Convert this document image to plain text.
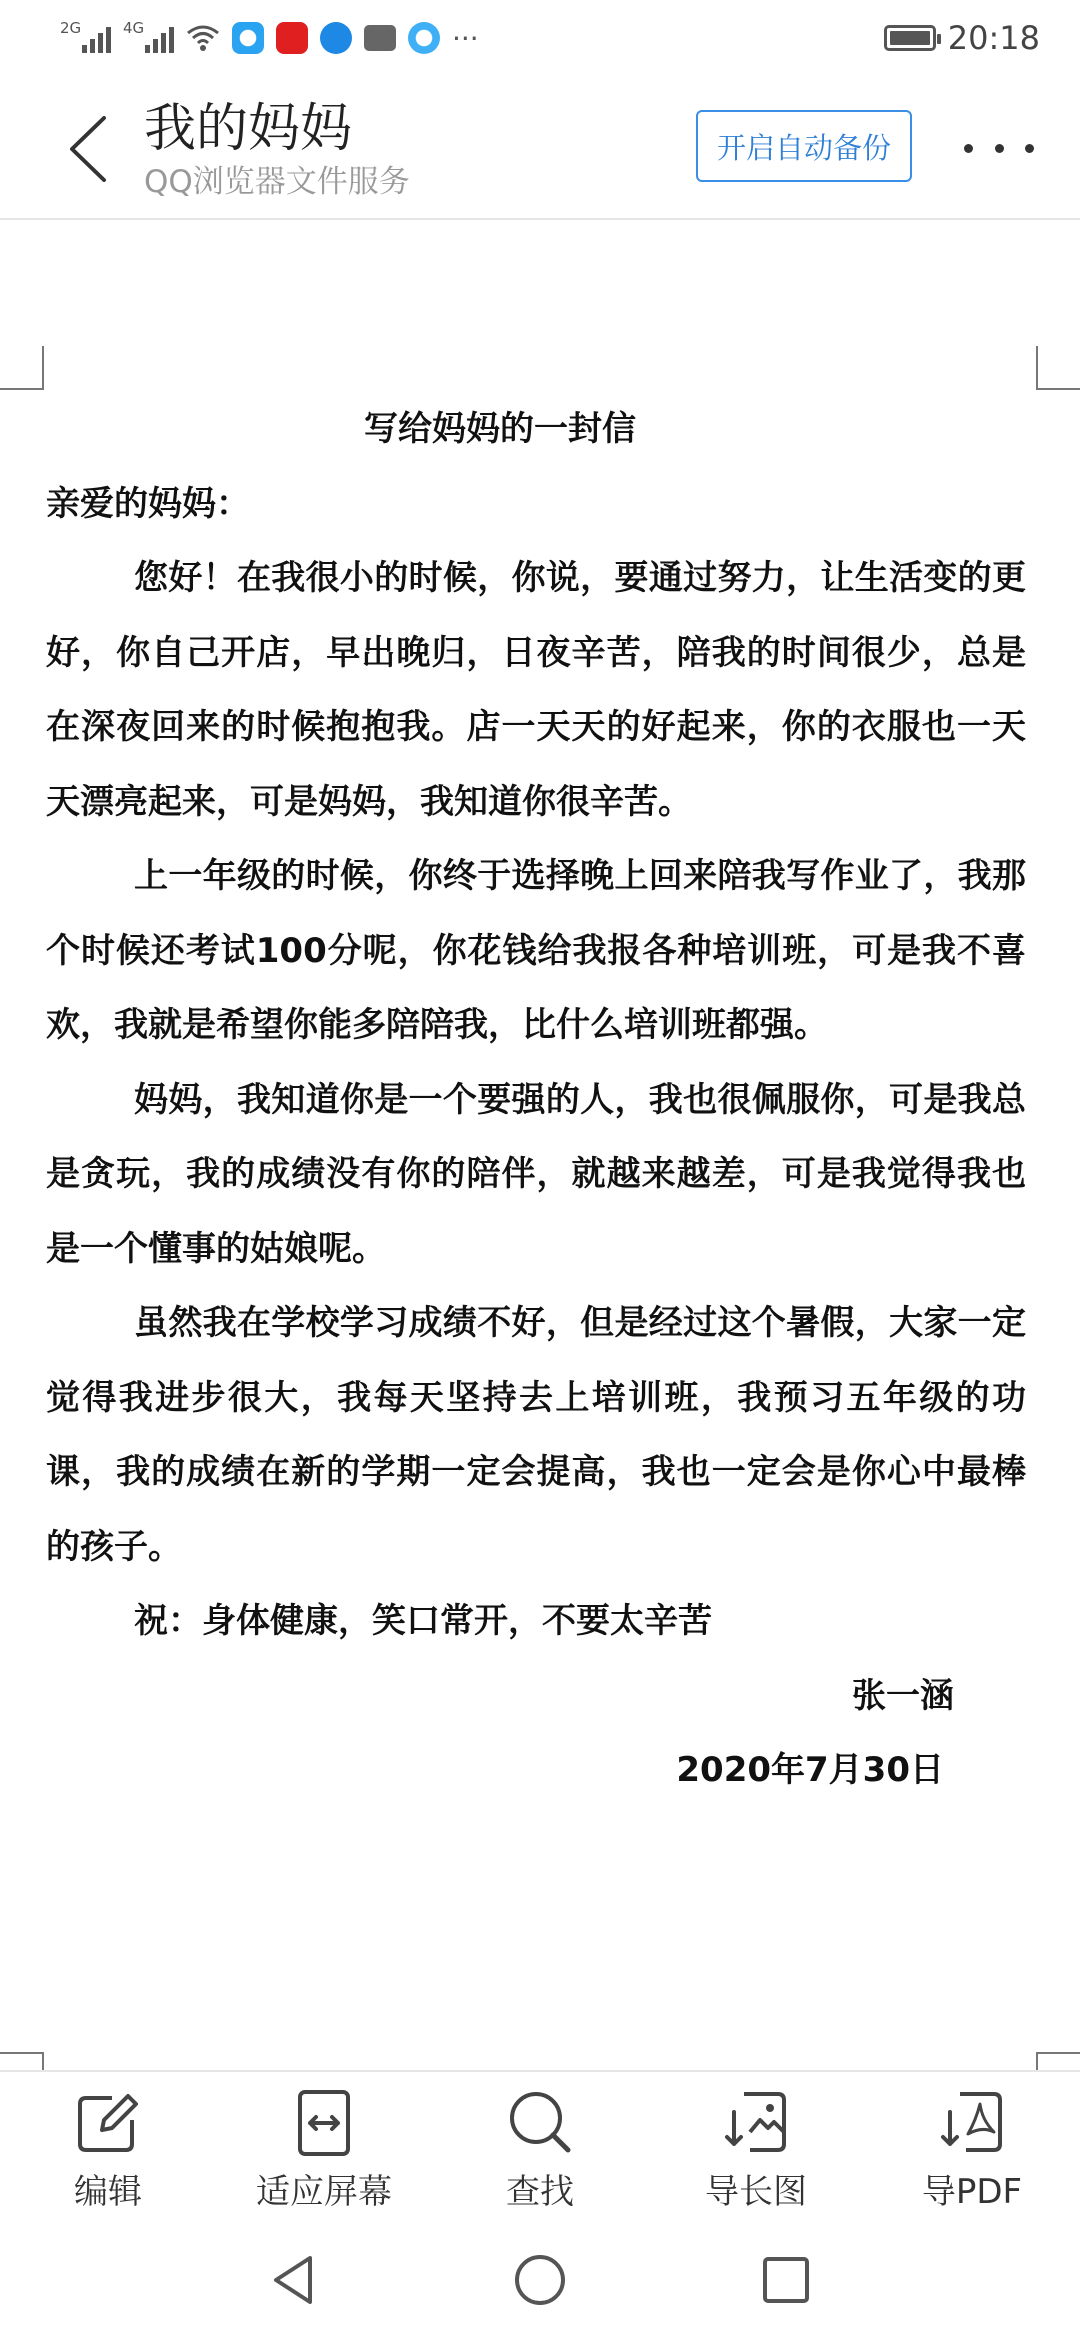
2G	4G	···	20:18
我的妈妈
QQ浏览器文件服务
开启自动备份

写给妈妈的一封信

亲爱的妈妈：

您好！在我很小的时候，你说，要通过努力，让生活变的更好，你自己开店，早出晚归，日夜辛苦，陪我的时间很少，总是在深夜回来的时候抱抱我。店一天天的好起来，你的衣服也一天天漂亮起来，可是妈妈，我知道你很辛苦。

上一年级的时候，你终于选择晚上回来陪我写作业了，我那个时候还考试100分呢，你花钱给我报各种培训班，可是我不喜欢，我就是希望你能多陪陪我，比什么培训班都强。

妈妈，我知道你是一个要强的人，我也很佩服你，可是我总是贪玩，我的成绩没有你的陪伴，就越来越差，可是我觉得我也是一个懂事的姑娘呢。

虽然我在学校学习成绩不好，但是经过这个暑假，大家一定觉得我进步很大，我每天坚持去上培训班，我预习五年级的功课，我的成绩在新的学期一定会提高，我也一定会是你心中最棒的孩子。

祝：身体健康，笑口常开，不要太辛苦

张一涵

2020年7月30日

编辑	适应屏幕	查找	导长图	导PDF
